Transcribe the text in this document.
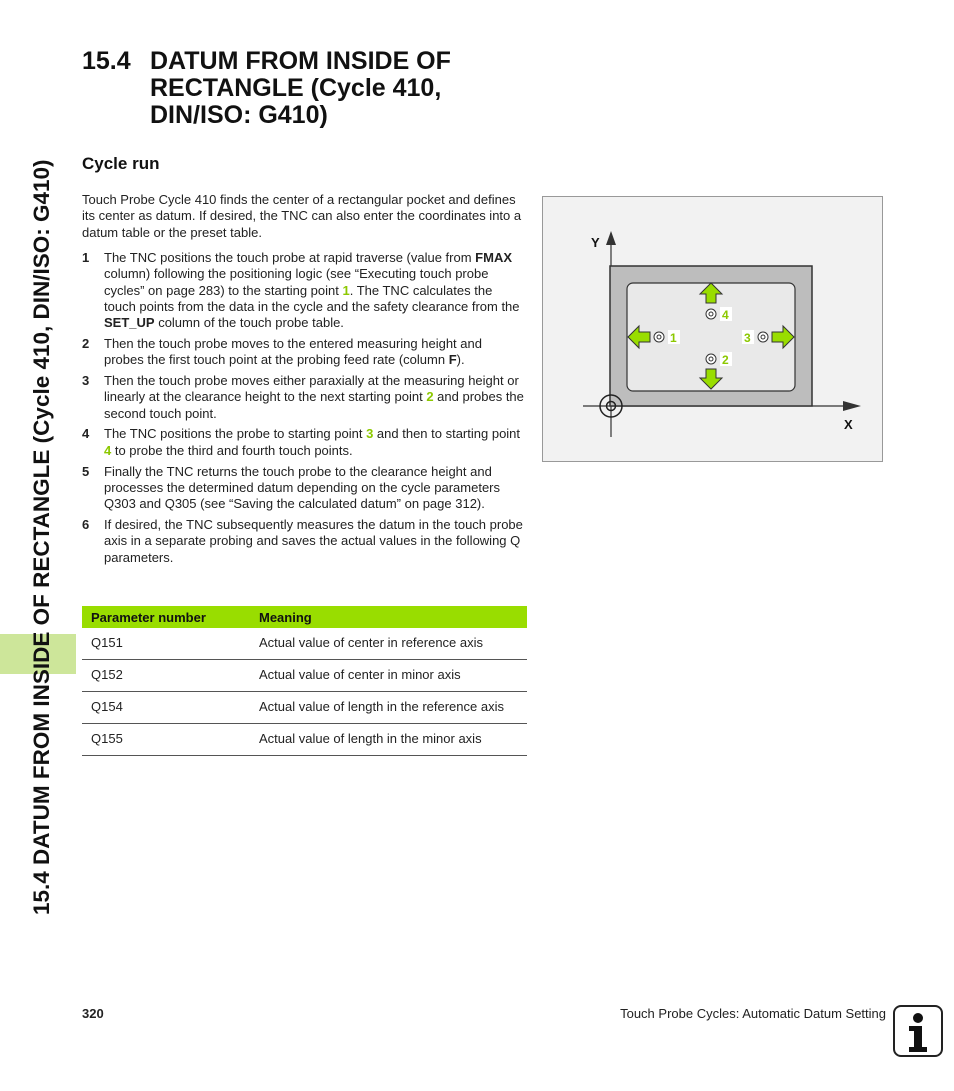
15.4 DATUM FROM INSIDE OF RECTANGLE (Cycle 410, DIN/ISO: G410)
15.4 DATUM FROM INSIDE OF RECTANGLE (Cycle 410, DIN/ISO: G410)
Cycle run

Touch Probe Cycle 410 finds the center of a rectangular pocket and defines its center as datum. If desired, the TNC can also enter the coordinates into a datum table or the preset table.

1 The TNC positions the touch probe at rapid traverse (value from FMAX column) following the positioning logic (see “Executing touch probe cycles” on page 283) to the starting point 1. The TNC calculates the touch points from the data in the cycle and the safety clearance from the SET_UP column of the touch probe table.
2 Then the touch probe moves to the entered measuring height and probes the first touch point at the probing feed rate (column F).
3 Then the touch probe moves either paraxially at the measuring height or linearly at the clearance height to the next starting point 2 and probes the second touch point.
4 The TNC positions the probe to starting point 3 and then to starting point 4 to probe the third and fourth touch points.
5 Finally the TNC returns the touch probe to the clearance height and processes the determined datum depending on the cycle parameters Q303 and Q305 (see “Saving the calculated datum” on page 312).
6 If desired, the TNC subsequently measures the datum in the touch probe axis in a separate probing and saves the actual values in the following Q parameters.
Parameter number	Meaning
Q151	Actual value of center in reference axis
Q152	Actual value of center in minor axis
Q154	Actual value of length in the reference axis
Q155	Actual value of length in the minor axis
Y
X
1
2
3
4
320	Touch Probe Cycles: Automatic Datum Setting
